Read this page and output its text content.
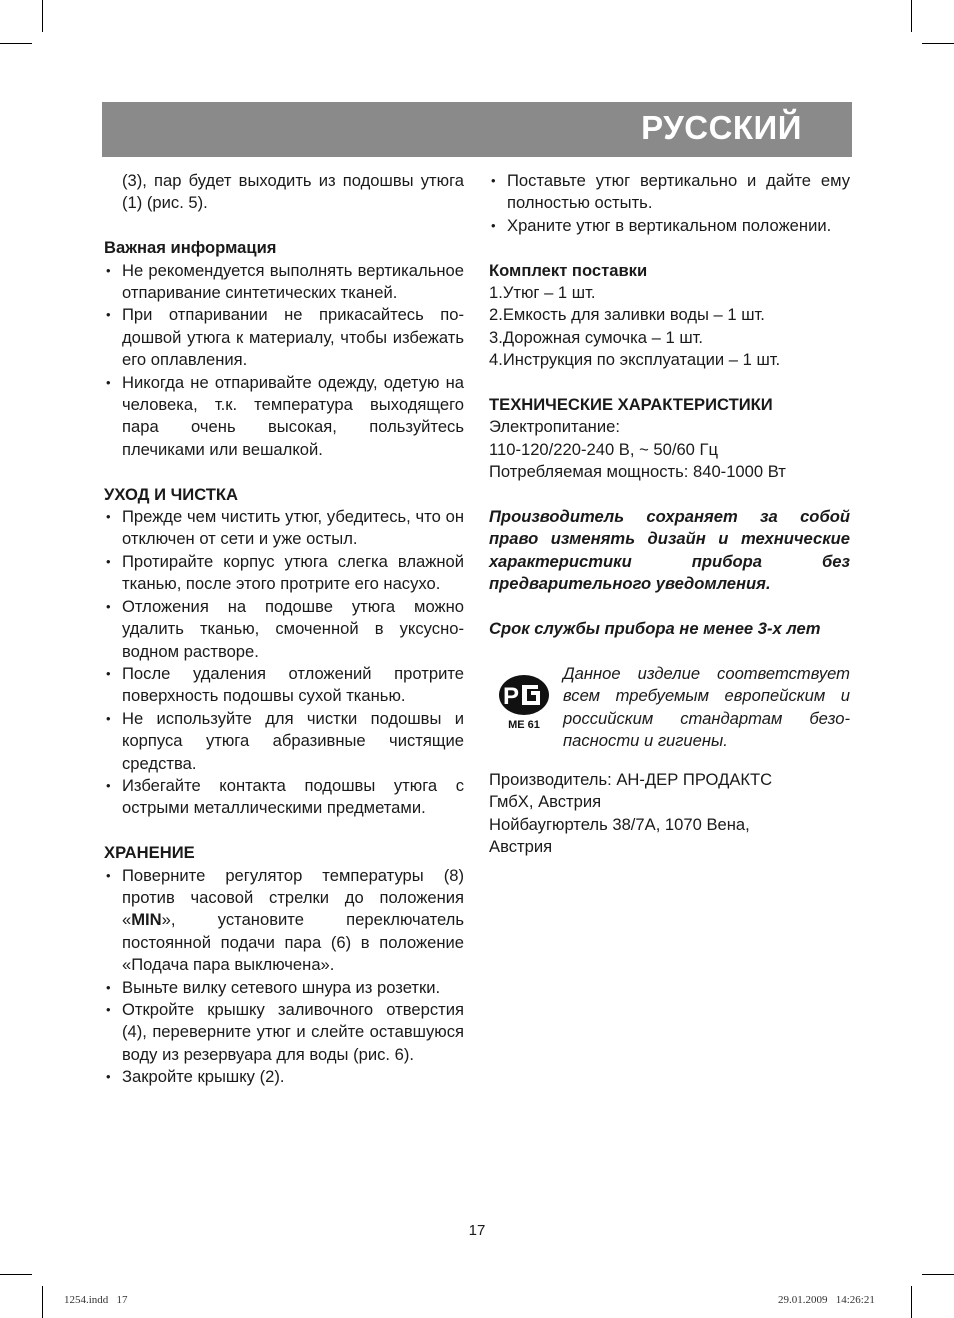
РУССКИЙ

(3), пар будет выходить из подошвы утюга (1) (рис. 5).

Важная информация

• Не рекомендуется выполнять вертикальное отпаривание синтетических тканей.
• При отпаривании не прикасайтесь подошвой утюга к материалу, чтобы избежать его оплавления.
• Никогда не отпаривайте одежду, одетую на человека, т.к. температура выходящего пара очень высокая, пользуйтесь плечиками или вешалкой.

УХОД И ЧИСТКА

• Прежде чем чистить утюг, убедитесь, что он отключен от сети и уже остыл.
• Протирайте корпус утюга слегка влажной тканью, после этого протрите его насухо.
• Отложения на подошве утюга можно удалить тканью, смоченной в уксусно-водном растворе.
• После удаления отложений протрите поверхность подошвы сухой тканью.
• Не используйте для чистки подошвы и корпуса утюга абразивные чистящие средства.
• Избегайте контакта подошвы утюга с острыми металлическими предметами.

ХРАНЕНИЕ

• Поверните регулятор температуры (8) против часовой стрелки до положения «MIN», установите переключатель постоянной подачи пара (6) в положение «Подача пара выключена».
• Выньте вилку сетевого шнура из розетки.
• Откройте крышку заливочного отверстия (4), переверните утюг и слейте оставшуюся воду из резервуара для воды (рис. 6).
• Закройте крышку (2).
• Поставьте утюг вертикально и дайте ему полностью остыть.
• Храните утюг в вертикальном положении.

Комплект поставки

1.Утюг – 1 шт.

2.Емкость для заливки воды – 1 шт.

3.Дорожная сумочка – 1 шт.

4.Инструкция по эксплуатации – 1 шт.

ТЕХНИЧЕСКИЕ ХАРАКТЕРИСТИКИ

Электропитание:

110-120/220-240 В, ~ 50/60 Гц

Потребляемая мощность: 840-1000 Вт

Производитель сохраняет за собой право изменять дизайн и технические характеристики прибора без предварительного уведомления.

Срок службы прибора не менее 3-х лет

Р
ME 61

Данное изделие соответствует всем требуемым европейским и российским стандартам безопасности и гигиены.

Производитель: АН-ДЕР ПРОДАКТС

ГмбХ, Австрия

Нойбаугюртель 38/7А, 1070 Вена,

Австрия

17
1254.indd   17	29.01.2009   14:26:21
